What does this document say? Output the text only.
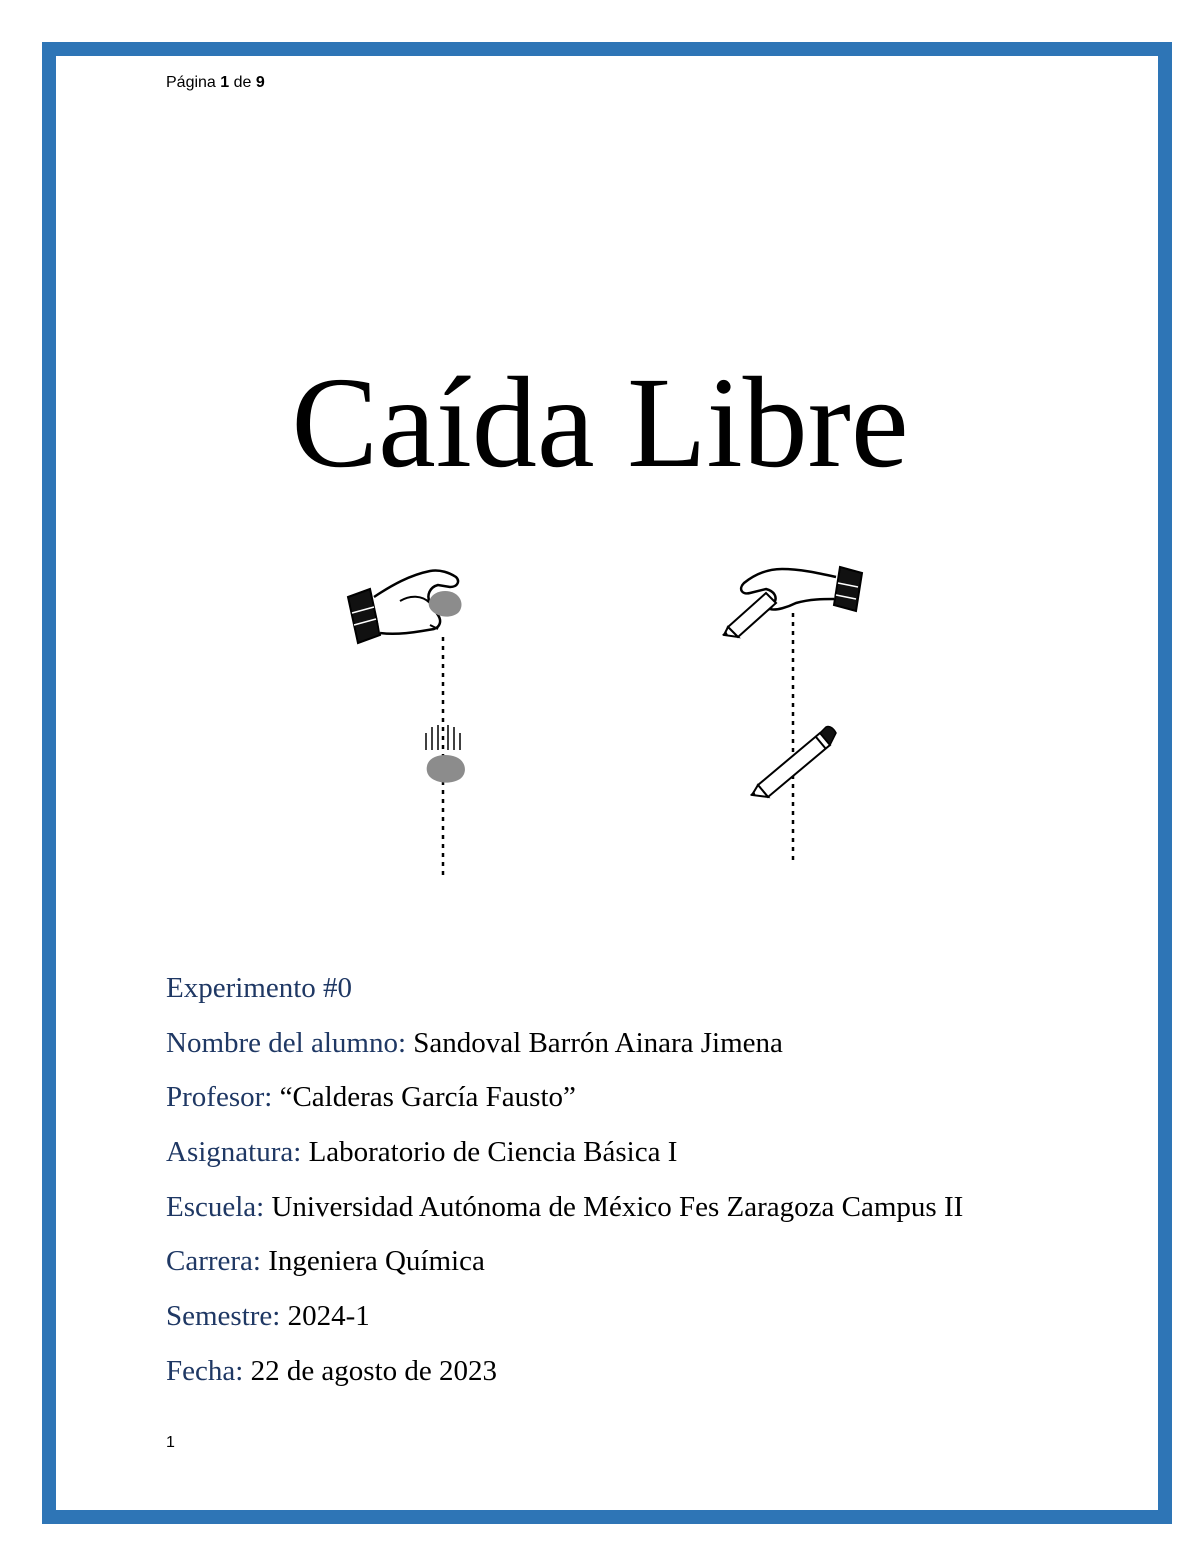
Página 1 de 9
Caída Libre
Experimento #0
Nombre del alumno: Sandoval Barrón Ainara Jimena
Profesor: “Calderas García Fausto”
Asignatura: Laboratorio de Ciencia Básica I
Escuela: Universidad Autónoma de México Fes Zaragoza Campus II
Carrera: Ingeniera Química
Semestre: 2024-1
Fecha: 22 de agosto de 2023
1
